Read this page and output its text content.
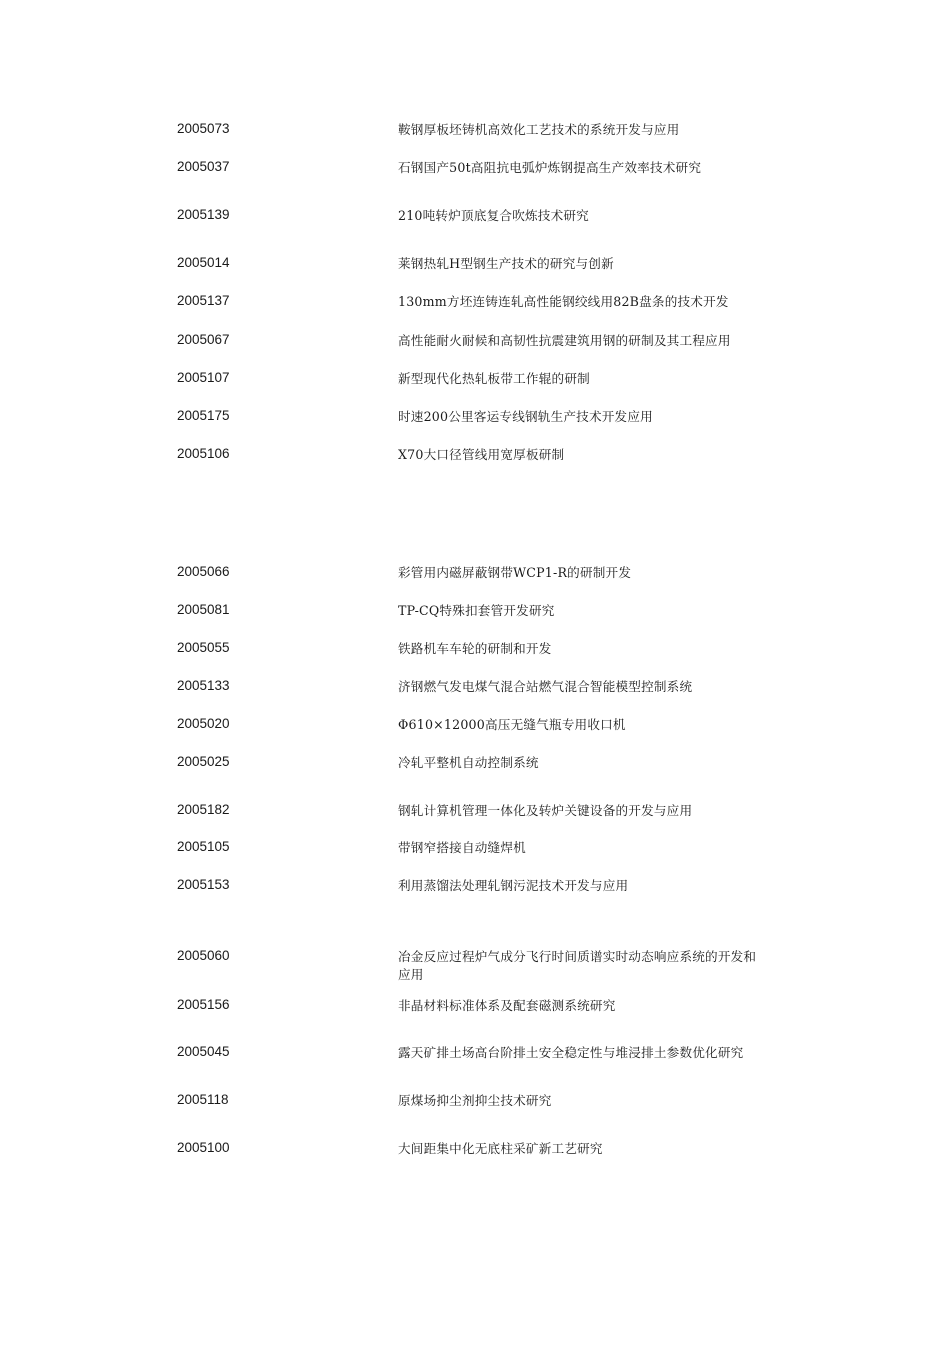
2005073	鞍钢厚板坯铸机高效化工艺技术的系统开发与应用
2005037	石钢国产50t高阻抗电弧炉炼钢提高生产效率技术研究
2005139	210吨转炉顶底复合吹炼技术研究
2005014	莱钢热轧H型钢生产技术的研究与创新
2005137	130mm方坯连铸连轧高性能钢绞线用82B盘条的技术开发
2005067	高性能耐火耐候和高韧性抗震建筑用钢的研制及其工程应用
2005107	新型现代化热轧板带工作辊的研制
2005175	时速200公里客运专线钢轨生产技术开发应用
2005106	X70大口径管线用宽厚板研制
2005066	彩管用内磁屏蔽钢带WCP1-R的研制开发
2005081	TP-CQ特殊扣套管开发研究
2005055	铁路机车车轮的研制和开发
2005133	济钢燃气发电煤气混合站燃气混合智能模型控制系统
2005020	Φ610×12000高压无缝气瓶专用收口机
2005025	冷轧平整机自动控制系统
2005182	钢轧计算机管理一体化及转炉关键设备的开发与应用
2005105	带钢窄搭接自动缝焊机
2005153	利用蒸馏法处理轧钢污泥技术开发与应用
2005060	冶金反应过程炉气成分飞行时间质谱实时动态响应系统的开发和应用
2005156	非晶材料标准体系及配套磁测系统研究
2005045	露天矿排土场高台阶排土安全稳定性与堆浸排土参数优化研究
2005118	原煤场抑尘剂抑尘技术研究
2005100	大间距集中化无底柱采矿新工艺研究
